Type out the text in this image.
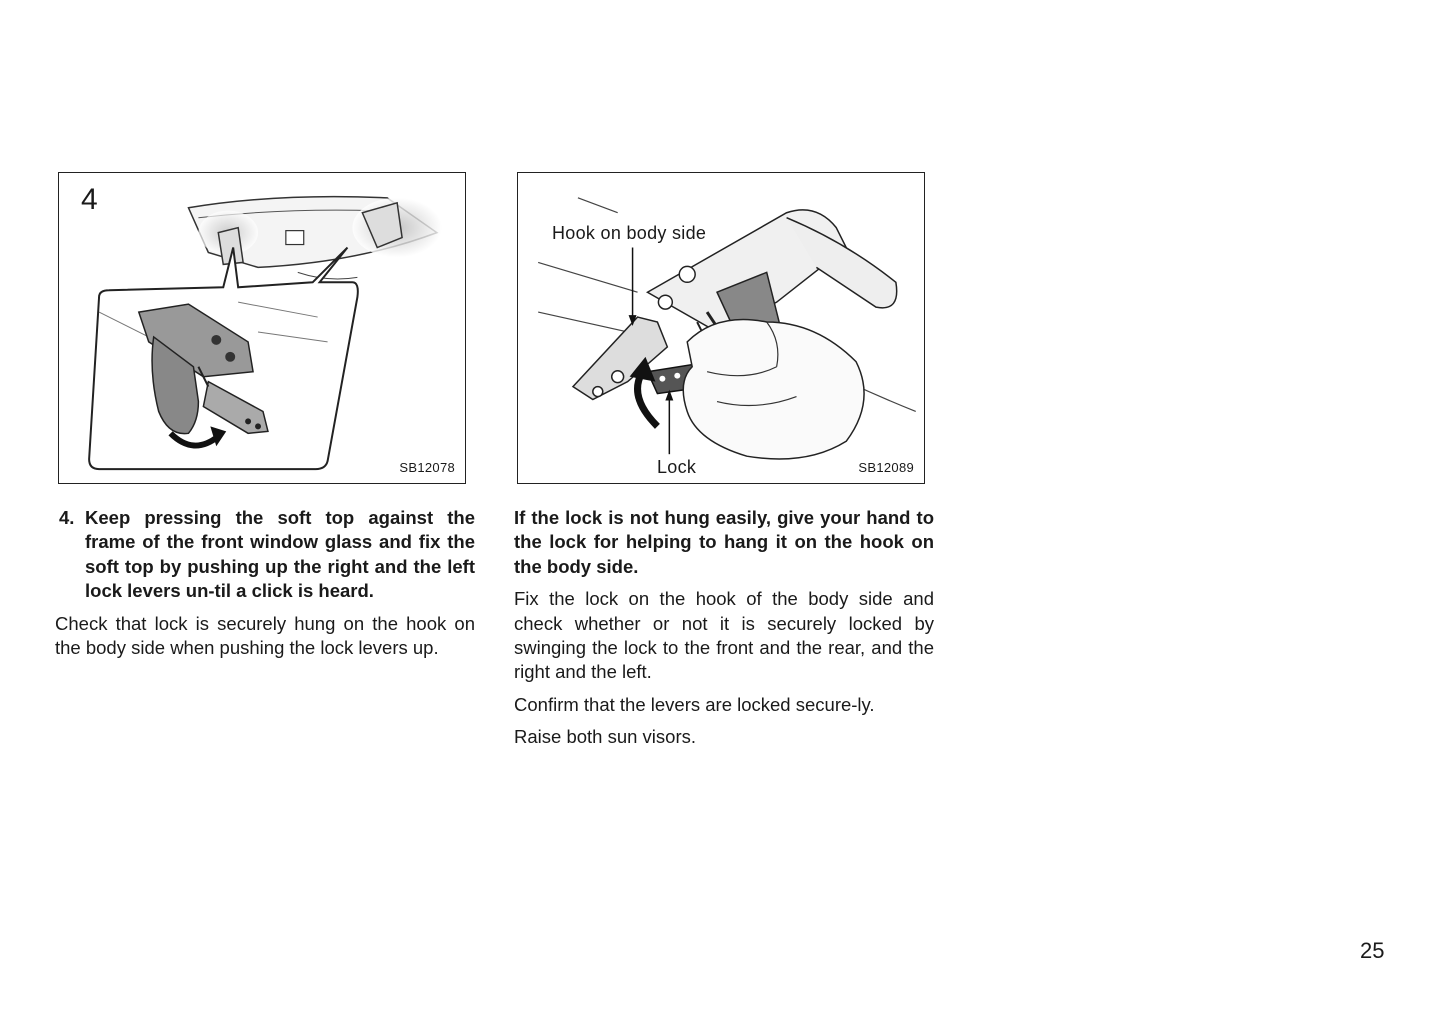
4
SB12078
Hook on body side
Lock	SB12089
4. Keep pressing the soft top against the frame of the front window glass and fix the soft top by pushing up the right and the left lock levers un-til a click is heard.

Check that lock is securely hung on the hook on the body side when pushing the lock levers up.

If the lock is not hung easily, give your hand to the lock for helping to hang it on the hook on the body side.

Fix the lock on the hook of the body side and check whether or not it is securely locked by swinging the lock to the front and the rear, and the right and the left.

Confirm that the levers are locked secure-ly.

Raise both sun visors.

25
